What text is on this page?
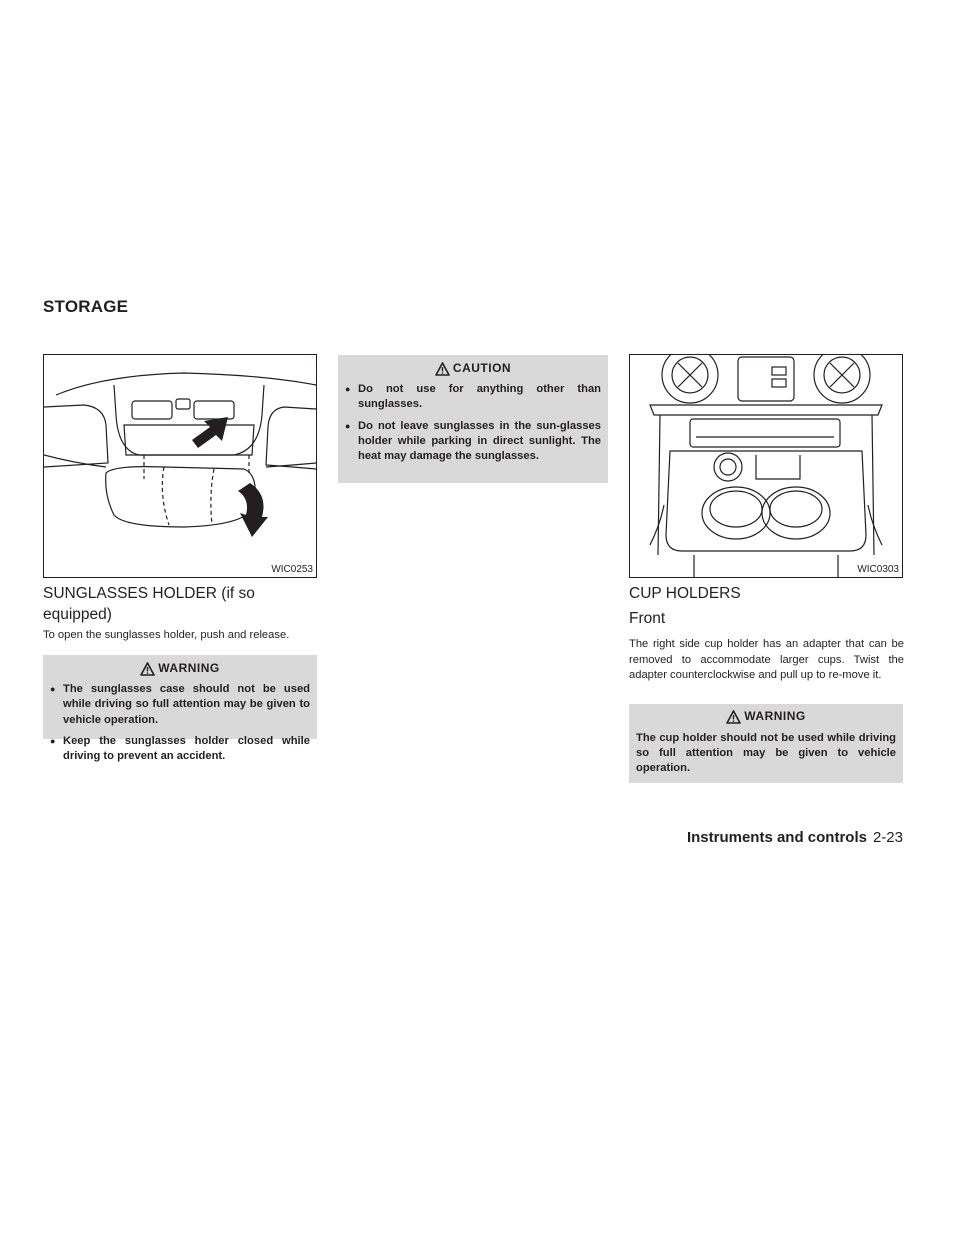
STORAGE
WIC0253
SUNGLASSES HOLDER (if so equipped)

To open the sunglasses holder, push and release.

WARNING
● The sunglasses case should not be used while driving so full attention may be given to vehicle operation.
● Keep the sunglasses holder closed while driving to prevent an accident.
CAUTION
● Do not use for anything other than sunglasses.
● Do not leave sunglasses in the sun-glasses holder while parking in direct sunlight. The heat may damage the sunglasses.
WIC0303
CUP HOLDERS
Front

The right side cup holder has an adapter that can be removed to accommodate larger cups. Twist the adapter counterclockwise and pull up to re-move it.

WARNING

The cup holder should not be used while driving so full attention may be given to vehicle operation.

Instruments and controls 2-23
